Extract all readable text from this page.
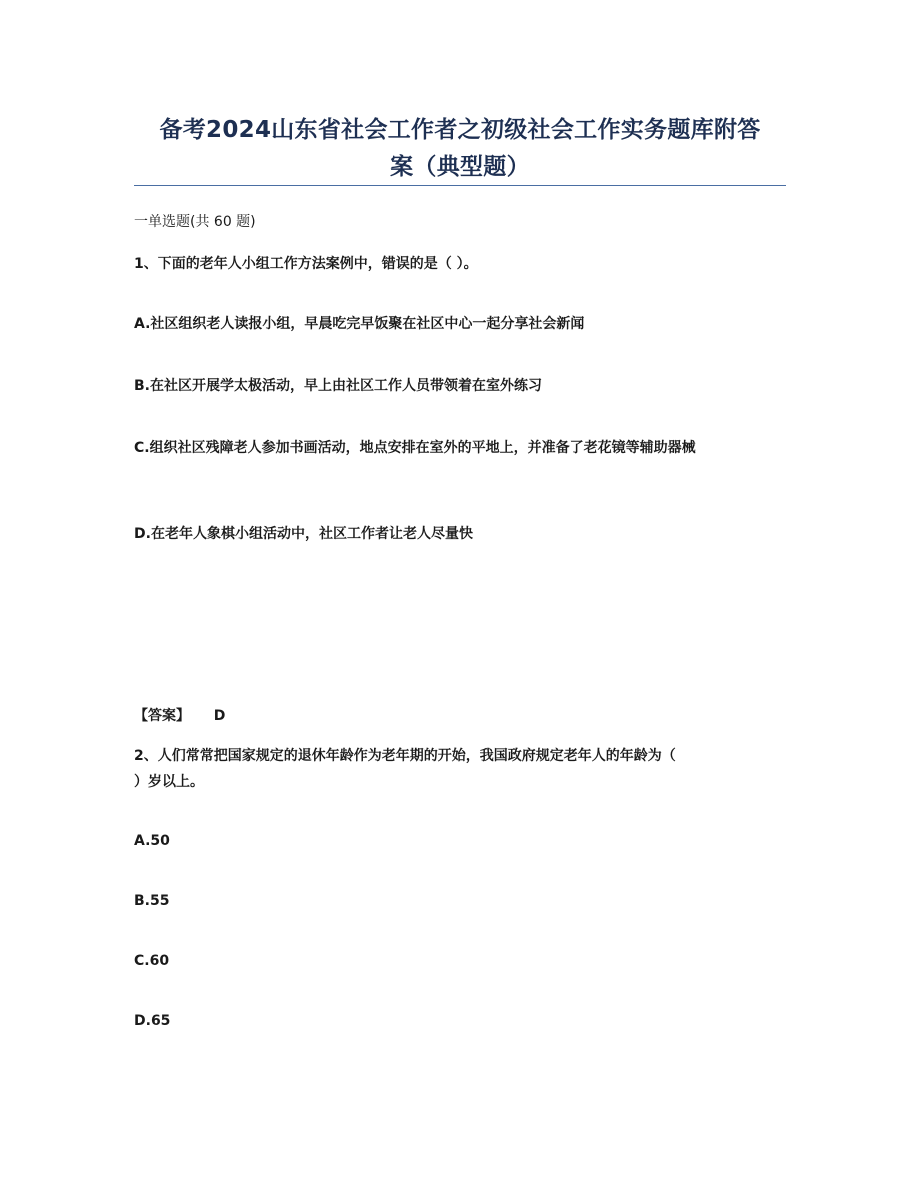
备考2024山东省社会工作者之初级社会工作实务题库附答
案（典型题）
一单选题(共 60 题)
1、下面的老年人小组工作方法案例中，错误的是（ ）。
A.社区组织老人读报小组，早晨吃完早饭聚在社区中心一起分享社会新闻
B.在社区开展学太极活动，早上由社区工作人员带领着在室外练习
C.组织社区残障老人参加书画活动，地点安排在室外的平地上，并准备了老花镜等辅助器械
D.在老年人象棋小组活动中，社区工作者让老人尽量快
【答案】 D
2、人们常常把国家规定的退休年龄作为老年期的开始，我国政府规定老年人的年龄为（
）岁以上。
A.50
B.55
C.60
D.65
